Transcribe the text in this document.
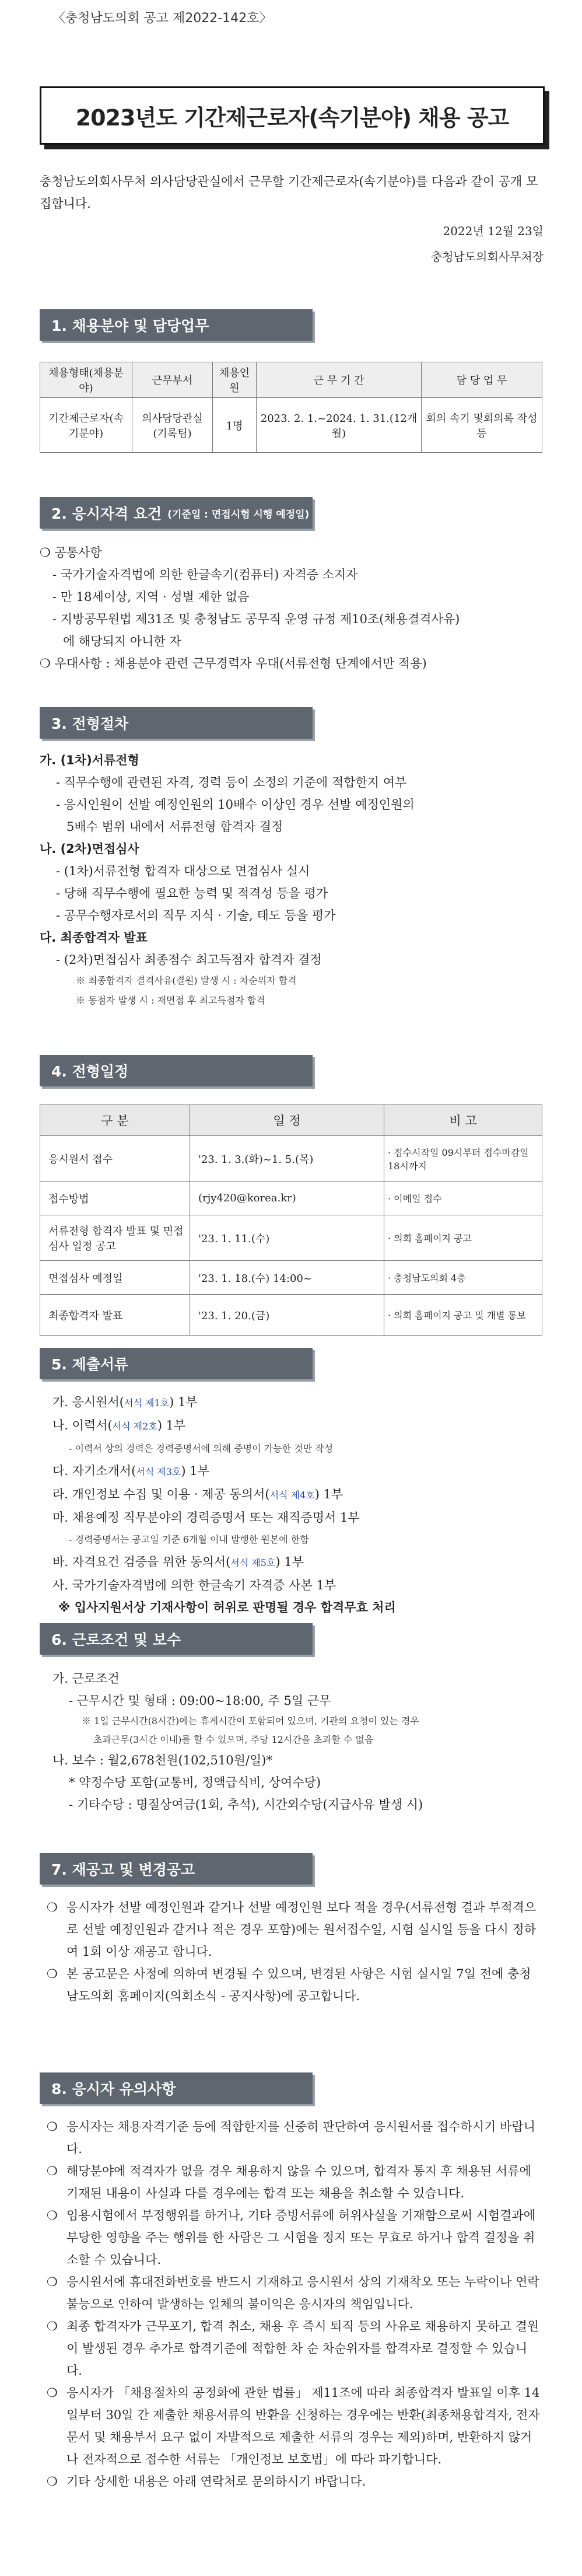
〈충청남도의회 공고 제2022-142호〉
2023년도 기간제근로자(속기분야) 채용 공고
충청남도의회사무처 의사담당관실에서 근무할 기간제근로자(속기분야)를 다음과 같이 공개 모집합니다.
2022년 12월 23일
충청남도의회사무처장
1. 채용분야 및 담당업무
채용형태(채용분야)	근무부서	채용인원	근 무 기 간	담 당 업 무
기간제근로자(속기분야)	의사담당관실(기록팀)	1명	2023. 2. 1.~2024. 1. 31.(12개월)	회의 속기 및회의록 작성 등
2. 응시자격 요건 (기준일 : 면접시험 시행 예정일)
❍ 공통사항
- 국가기술자격법에 의한 한글속기(컴퓨터) 자격증 소지자
- 만 18세이상, 지역 · 성별 제한 없음
- 지방공무원법 제31조 및 충청남도 공무직 운영 규정 제10조(채용결격사유)
에 해당되지 아니한 자
❍ 우대사항 : 채용분야 관련 근무경력자 우대(서류전형 단계에서만 적용)
3. 전형절차
가. (1차)서류전형
- 직무수행에 관련된 자격, 경력 등이 소정의 기준에 적합한지 여부
- 응시인원이 선발 예정인원의 10배수 이상인 경우 선발 예정인원의
5배수 범위 내에서 서류전형 합격자 결정
나. (2차)면접심사
- (1차)서류전형 합격자 대상으로 면접심사 실시
- 당해 직무수행에 필요한 능력 및 적격성 등을 평가
- 공무수행자로서의 직무 지식 · 기술, 태도 등을 평가
다. 최종합격자 발표
- (2차)면접심사 최종점수 최고득점자 합격자 결정
※ 최종합격자 결격사유(결원) 발생 시 : 차순위자 합격
※ 동점자 발생 시 : 재면접 후 최고득점자 합격
4. 전형일정
구 분	일 정	비 고
응시원서 접수	'23. 1. 3.(화)~1. 5.(목)	· 접수시작일 09시부터 접수마감일 18시까지
접수방법	(rjy420@korea.kr)	· 이메일 접수
서류전형 합격자 발표 및 면접심사 일정 공고	'23. 1. 11.(수)	· 의회 홈페이지 공고
면접심사 예정일	'23. 1. 18.(수) 14:00~	· 충청남도의회 4층
최종합격자 발표	'23. 1. 20.(금)	· 의회 홈페이지 공고 및 개별 통보
5. 제출서류
가. 응시원서(서식 제1호) 1부
나. 이력서(서식 제2호) 1부
- 이력서 상의 경력은 경력증명서에 의해 증명이 가능한 것만 작성
다. 자기소개서(서식 제3호) 1부
라. 개인정보 수집 및 이용 · 제공 동의서(서식 제4호) 1부
마. 채용예정 직무분야의 경력증명서 또는 재직증명서 1부
- 경력증명서는 공고일 기준 6개월 이내 발행한 원본에 한함
바. 자격요건 검증을 위한 동의서(서식 제5호) 1부
사. 국가기술자격법에 의한 한글속기 자격증 사본 1부
※ 입사지원서상 기재사항이 허위로 판명될 경우 합격무효 처리
6. 근로조건 및 보수
가. 근로조건
- 근무시간 및 형태 : 09:00~18:00, 주 5일 근무
※ 1일 근무시간(8시간)에는 휴게시간이 포함되어 있으며, 기관의 요청이 있는 경우
초과근무(3시간 이내)를 할 수 있으며, 주당 12시간을 초과할 수 없음
나. 보수 : 월2,678천원(102,510원/일)*
* 약정수당 포함(교통비, 정액급식비, 상여수당)
- 기타수당 : 명절상여금(1회, 추석), 시간외수당(지급사유 발생 시)
7. 재공고 및 변경공고
❍ 응시자가 선발 예정인원과 같거나 선발 예정인원 보다 적을 경우(서류전형 결과 부적격으로 선발 예정인원과 같거나 적은 경우 포함)에는 원서접수일, 시험 실시일 등을 다시 정하여 1회 이상 재공고 합니다.
❍ 본 공고문은 사정에 의하여 변경될 수 있으며, 변경된 사항은 시험 실시일 7일 전에 충청남도의회 홈페이지(의회소식 - 공지사항)에 공고합니다.
8. 응시자 유의사항
❍ 응시자는 채용자격기준 등에 적합한지를 신중히 판단하여 응시원서를 접수하시기 바랍니다.
❍ 해당분야에 적격자가 없을 경우 채용하지 않을 수 있으며, 합격자 통지 후 채용된 서류에 기재된 내용이 사실과 다를 경우에는 합격 또는 채용을 취소할 수 있습니다.
❍ 임용시험에서 부정행위를 하거나, 기타 증빙서류에 허위사실을 기재함으로써 시험결과에 부당한 영향을 주는 행위를 한 사람은 그 시험을 정지 또는 무효로 하거나 합격 결정을 취소할 수 있습니다.
❍ 응시원서에 휴대전화번호를 반드시 기재하고 응시원서 상의 기재착오 또는 누락이나 연락 불능으로 인하여 발생하는 일체의 불이익은 응시자의 책임입니다.
❍ 최종 합격자가 근무포기, 합격 취소, 채용 후 즉시 퇴직 등의 사유로 채용하지 못하고 결원이 발생된 경우 추가로 합격기준에 적합한 차 순 차순위자를 합격자로 결정할 수 있습니다.
❍ 응시자가 「채용절차의 공정화에 관한 법률」 제11조에 따라 최종합격자 발표일 이후 14일부터 30일 간 제출한 채용서류의 반환을 신청하는 경우에는 반환(최종채용합격자, 전자문서 및 채용부서 요구 없이 자발적으로 제출한 서류의 경우는 제외)하며, 반환하지 않거나 전자적으로 접수한 서류는 「개인정보 보호법」에 따라 파기합니다.
❍ 기타 상세한 내용은 아래 연락처로 문의하시기 바랍니다.
